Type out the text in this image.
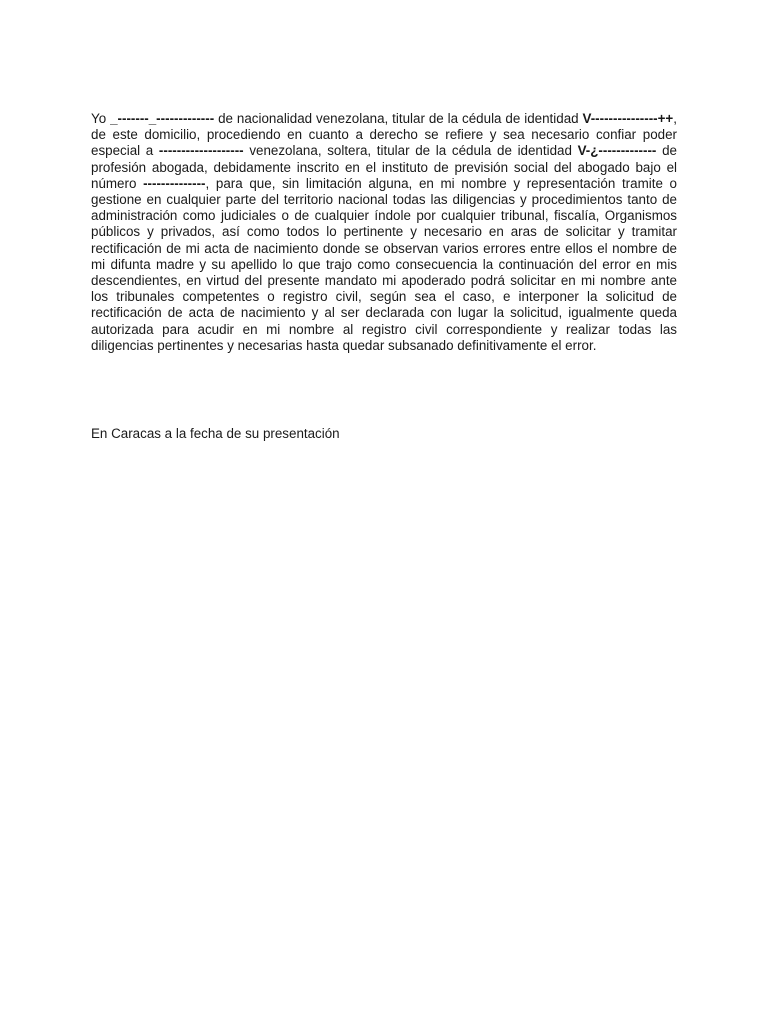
Yo _-------_------------- de nacionalidad venezolana, titular de la cédula de identidad V---------------++, de este domicilio, procediendo en cuanto a derecho se refiere y sea necesario confiar poder especial a ------------------- venezolana, soltera, titular de la cédula de identidad V-¿------------- de profesión abogada, debidamente inscrito en el instituto de previsión social del abogado bajo el número --------------, para que, sin limitación alguna, en mi nombre y representación tramite o gestione en cualquier parte del territorio nacional todas las diligencias y procedimientos tanto de administración como judiciales o de cualquier índole por cualquier tribunal, fiscalía, Organismos públicos y privados, así como todos lo pertinente y necesario en aras de solicitar y tramitar rectificación de mi acta de nacimiento donde se observan varios errores entre ellos el nombre de mi difunta madre y su apellido lo que trajo como consecuencia la continuación del error en mis descendientes, en virtud del presente mandato mi apoderado podrá solicitar en mi nombre ante los tribunales competentes o registro civil, según sea el caso, e interponer la solicitud de rectificación de acta de nacimiento y al ser declarada con lugar la solicitud, igualmente queda autorizada para acudir en mi nombre al registro civil correspondiente y realizar todas las diligencias pertinentes y necesarias hasta quedar subsanado definitivamente el error.

En Caracas a la fecha de su presentación
